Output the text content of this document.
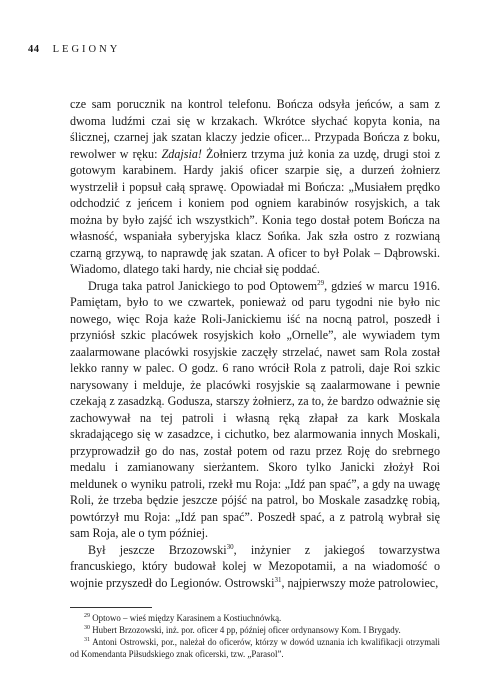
44 LEGIONY

cze sam porucznik na kontrol telefonu. Bończa odsyła jeńców, a sam z dwoma ludźmi czai się w krzakach. Wkrótce słychać kopyta konia, na ślicznej, czarnej jak szatan klaczy jedzie oficer... Przypada Bończa z boku, rewolwer w ręku: Zdajsia! Żołnierz trzyma już konia za uzdę, drugi stoi z gotowym karabinem. Hardy jakiś oficer szarpie się, a durzeń żołnierz wystrzelił i popsuł całą sprawę. Opowiadał mi Bończa: „Musiałem prędko odchodzić z jeńcem i koniem pod ogniem karabinów rosyjskich, a tak można by było zajść ich wszystkich”. Konia tego dostał potem Bończa na własność, wspaniała syberyjska klacz Sońka. Jak szła ostro z rozwianą czarną grzywą, to naprawdę jak szatan. A oficer to był Polak – Dąbrowski. Wiadomo, dlatego taki hardy, nie chciał się poddać.

Druga taka patrol Janickiego to pod Optowem$^{29}$, gdzieś w marcu 1916. Pamiętam, było to we czwartek, ponieważ od paru tygodni nie było nic nowego, więc Roja każe Roli-Janickiemu iść na nocną patrol, poszedł i przyniósł szkic placówek rosyjskich koło „Ornelle”, ale wywiadem tym zaalarmowane placówki rosyjskie zaczęły strzelać, nawet sam Rola został lekko ranny w palec. O godz. 6 rano wrócił Rola z patroli, daje Roi szkic narysowany i melduje, że placówki rosyjskie są zaalarmowane i pewnie czekają z zasadzką. Godusza, starszy żołnierz, za to, że bardzo odważnie się zachowywał na tej patroli i własną ręką złapał za kark Moskala skradającego się w zasadzce, i cichutko, bez alarmowania innych Moskali, przyprowadził go do nas, został potem od razu przez Roję do srebrnego medalu i zamianowany sierżantem. Skoro tylko Janicki złożył Roi meldunek o wyniku patroli, rzekł mu Roja: „Idź pan spać”, a gdy na uwagę Roli, że trzeba będzie jeszcze pójść na patrol, bo Moskale zasadzkę robią, powtórzył mu Roja: „Idź pan spać”. Poszedł spać, a z patrolą wybrał się sam Roja, ale o tym później.

Był jeszcze Brzozowski$^{30}$, inżynier z jakiegoś towarzystwa francuskiego, który budował kolej w Mezopotamii, a na wiadomość o wojnie przyszedł do Legionów. Ostrowski$^{31}$, najpierwszy może patrolowiec,

$^{29}$ Optowo – wieś między Karasinem a Kostiuchnówką.

$^{30}$ Hubert Brzozowski, inż. por. oficer 4 pp, później oficer ordynansowy Kom. I Brygady.

$^{31}$ Antoni Ostrowski, por., należał do oficerów, którzy w dowód uznania ich kwalifikacji otrzymali od Komendanta Piłsudskiego znak oficerski, tzw. „Parasol”.
